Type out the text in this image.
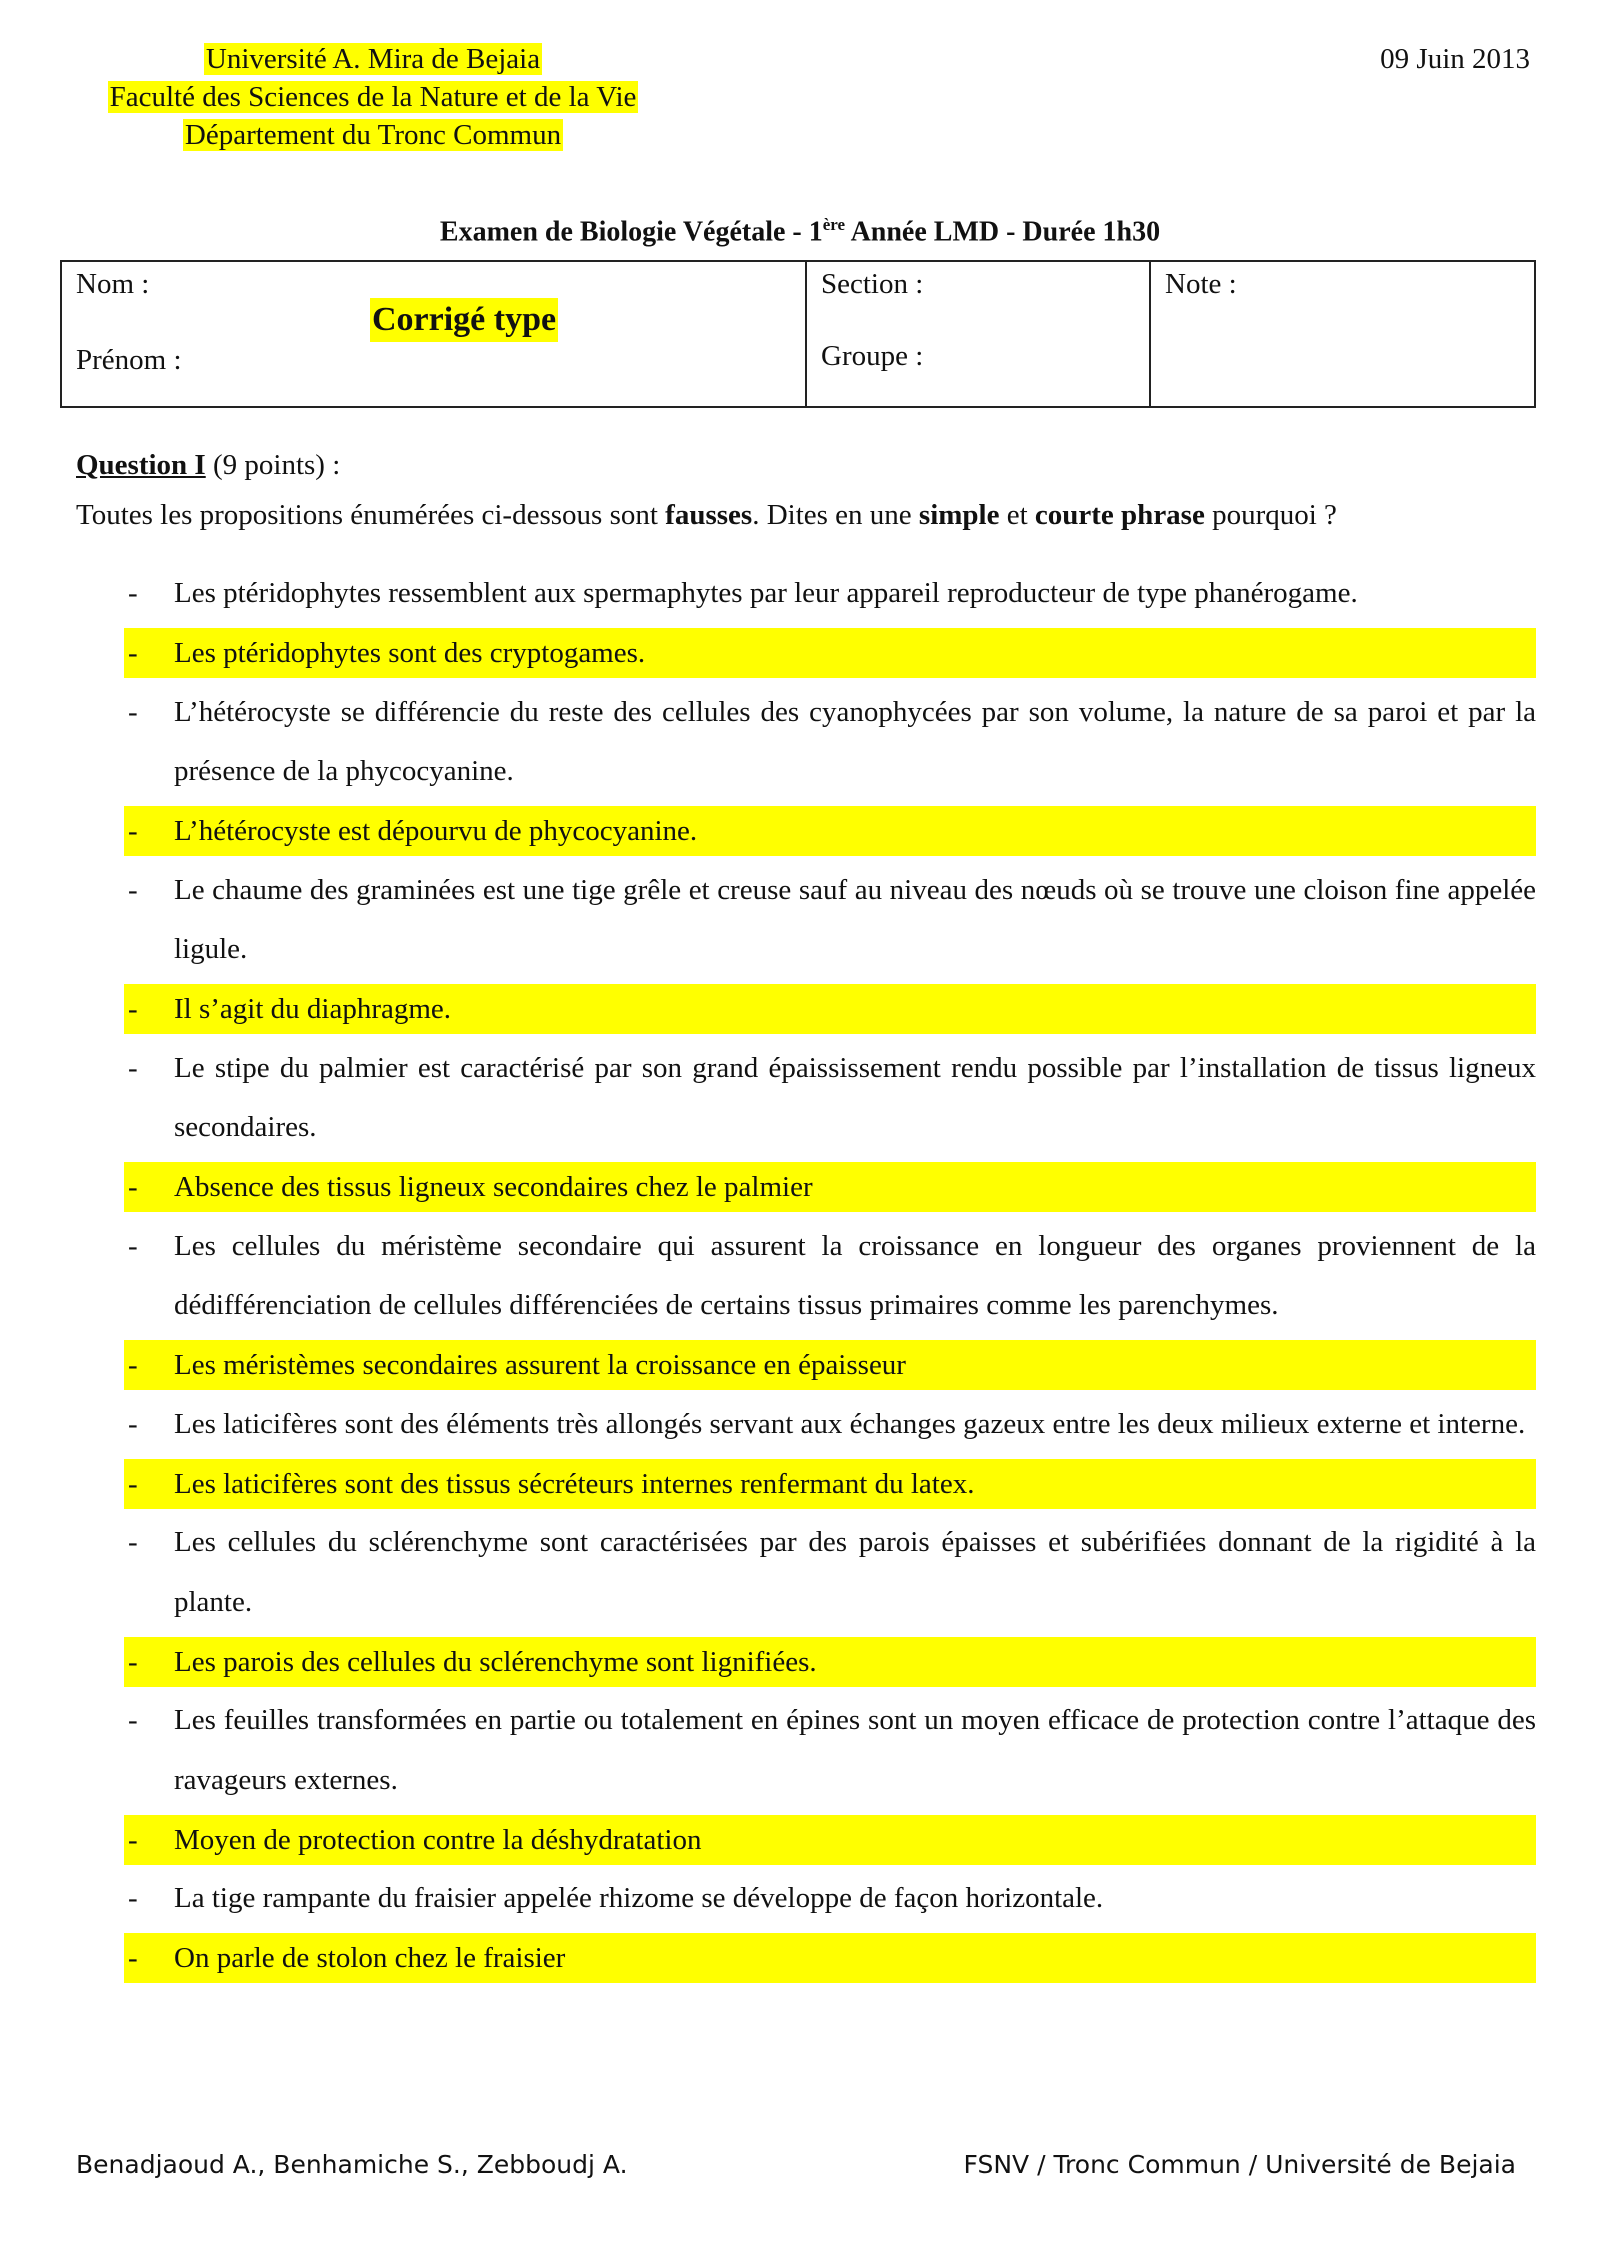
Université A. Mira de Bejaia
Faculté des Sciences de la Nature et de la Vie
Département du Tronc Commun
09 Juin 2013
Examen de Biologie Végétale - 1ère Année LMD - Durée 1h30
Nom :
Corrigé type
Prénom :
Section :
Groupe :
Note :
Question I (9 points) :
Toutes les propositions énumérées ci-dessous sont fausses. Dites en une simple et courte phrase pourquoi ?
-	Les ptéridophytes ressemblent aux spermaphytes par leur appareil reproducteur de type phanérogame.
-	Les ptéridophytes sont des cryptogames.
-	L’hétérocyste se différencie du reste des cellules des cyanophycées par son volume, la nature de sa paroi et par la présence de la phycocyanine.
-	L’hétérocyste est dépourvu de phycocyanine.
-	Le chaume des graminées est une tige grêle et creuse sauf au niveau des nœuds où se trouve une cloison fine appelée ligule.
-	Il s’agit du diaphragme.
-	Le stipe du palmier est caractérisé par son grand épaississement rendu possible par l’installation de tissus ligneux secondaires.
-	Absence des tissus ligneux secondaires chez le palmier
-	Les cellules du méristème secondaire qui assurent la croissance en longueur des organes proviennent de la dédifférenciation de cellules différenciées de certains tissus primaires comme les parenchymes.
-	Les méristèmes secondaires assurent la croissance en épaisseur
-	Les laticifères sont des éléments très allongés servant aux échanges gazeux entre les deux milieux externe et interne.
-	Les laticifères sont des tissus sécréteurs internes renfermant du latex.
-	Les cellules du sclérenchyme sont caractérisées par des parois épaisses et subérifiées donnant de la rigidité à la plante.
-	Les parois des cellules du sclérenchyme sont lignifiées.
-	Les feuilles transformées en partie ou totalement en épines sont un moyen efficace de protection contre l’attaque des ravageurs externes.
-	Moyen de protection contre la déshydratation
-	La tige rampante du fraisier appelée rhizome se développe de façon horizontale.
-	On parle de stolon chez le fraisier
Benadjaoud A., Benhamiche S., Zebboudj A.	FSNV / Tronc Commun / Université de Bejaia
